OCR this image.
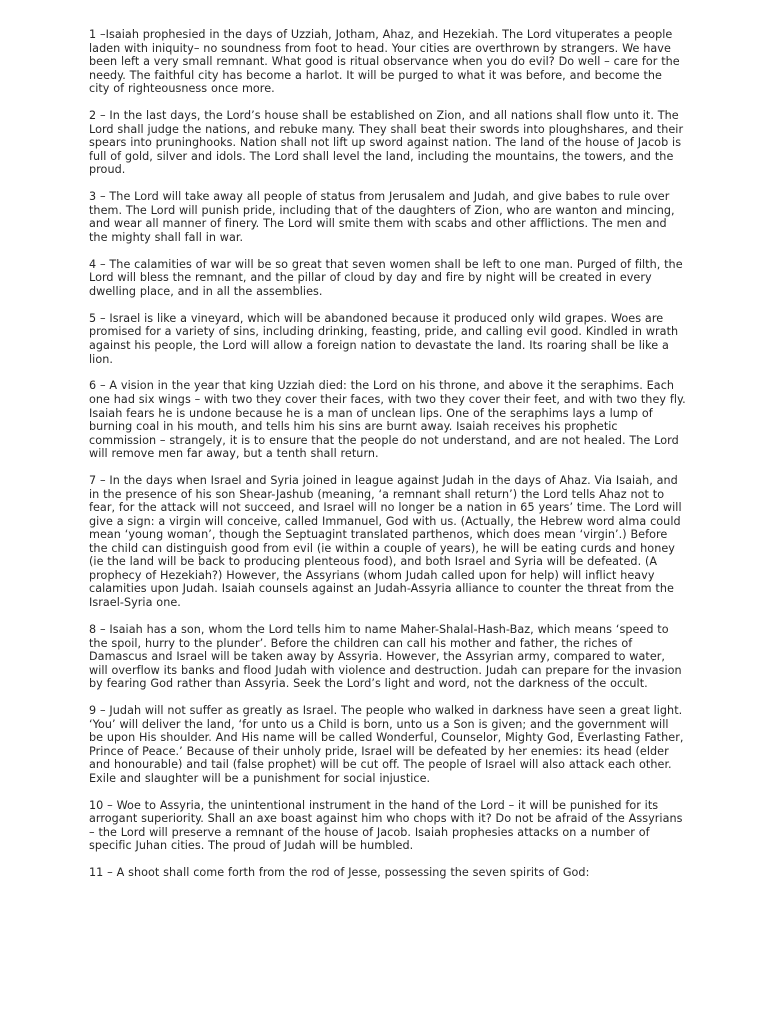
1 –Isaiah prophesied in the days of Uzziah, Jotham, Ahaz, and Hezekiah. The Lord vituperates a people laden with iniquity– no soundness from foot to head. Your cities are overthrown by strangers. We have been left a very small remnant. What good is ritual observance when you do evil? Do well – care for the needy. The faithful city has become a harlot. It will be purged to what it was before, and become the city of righteousness once more.

2 – In the last days, the Lord’s house shall be established on Zion, and all nations shall flow unto it. The Lord shall judge the nations, and rebuke many. They shall beat their swords into ploughshares, and their spears into pruninghooks. Nation shall not lift up sword against nation. The land of the house of Jacob is full of gold, silver and idols. The Lord shall level the land, including the mountains, the towers, and the proud.

3 – The Lord will take away all people of status from Jerusalem and Judah, and give babes to rule over them. The Lord will punish pride, including that of the daughters of Zion, who are wanton and mincing, and wear all manner of finery. The Lord will smite them with scabs and other afflictions. The men and the mighty shall fall in war.

4 – The calamities of war will be so great that seven women shall be left to one man. Purged of filth, the Lord will bless the remnant, and the pillar of cloud by day and fire by night will be created in every dwelling place, and in all the assemblies.

5 – Israel is like a vineyard, which will be abandoned because it produced only wild grapes. Woes are promised for a variety of sins, including drinking, feasting, pride, and calling evil good. Kindled in wrath against his people, the Lord will allow a foreign nation to devastate the land. Its roaring shall be like a lion.

6 – A vision in the year that king Uzziah died: the Lord on his throne, and above it the seraphims. Each one had six wings – with two they cover their faces, with two they cover their feet, and with two they fly. Isaiah fears he is undone because he is a man of unclean lips. One of the seraphims lays a lump of burning coal in his mouth, and tells him his sins are burnt away. Isaiah receives his prophetic commission – strangely, it is to ensure that the people do not understand, and are not healed. The Lord will remove men far away, but a tenth shall return.

7 – In the days when Israel and Syria joined in league against Judah in the days of Ahaz. Via Isaiah, and in the presence of his son Shear-Jashub (meaning, ‘a remnant shall return’) the Lord tells Ahaz not to fear, for the attack will not succeed, and Israel will no longer be a nation in 65 years’ time. The Lord will give a sign: a virgin will conceive, called Immanuel, God with us. (Actually, the Hebrew word alma could mean ‘young woman’, though the Septuagint translated parthenos, which does mean ‘virgin’.) Before the child can distinguish good from evil (ie within a couple of years), he will be eating curds and honey (ie the land will be back to producing plenteous food), and both Israel and Syria will be defeated. (A prophecy of Hezekiah?) However, the Assyrians (whom Judah called upon for help) will inflict heavy calamities upon Judah. Isaiah counsels against an Judah-Assyria alliance to counter the threat from the Israel-Syria one.

8 – Isaiah has a son, whom the Lord tells him to name Maher-Shalal-Hash-Baz, which means ‘speed to the spoil, hurry to the plunder’. Before the children can call his mother and father, the riches of Damascus and Israel will be taken away by Assyria. However, the Assyrian army, compared to water, will overflow its banks and flood Judah with violence and destruction. Judah can prepare for the invasion by fearing God rather than Assyria. Seek the Lord’s light and word, not the darkness of the occult.

9 – Judah will not suffer as greatly as Israel. The people who walked in darkness have seen a great light. ‘You’ will deliver the land, ‘for unto us a Child is born, unto us a Son is given; and the government will be upon His shoulder. And His name will be called Wonderful, Counselor, Mighty God, Everlasting Father, Prince of Peace.’ Because of their unholy pride, Israel will be defeated by her enemies: its head (elder and honourable) and tail (false prophet) will be cut off. The people of Israel will also attack each other. Exile and slaughter will be a punishment for social injustice.

10 – Woe to Assyria, the unintentional instrument in the hand of the Lord – it will be punished for its arrogant superiority. Shall an axe boast against him who chops with it? Do not be afraid of the Assyrians – the Lord will preserve a remnant of the house of Jacob. Isaiah prophesies attacks on a number of specific Juhan cities. The proud of Judah will be humbled.

11 – A shoot shall come forth from the rod of Jesse, possessing the seven spirits of God:
